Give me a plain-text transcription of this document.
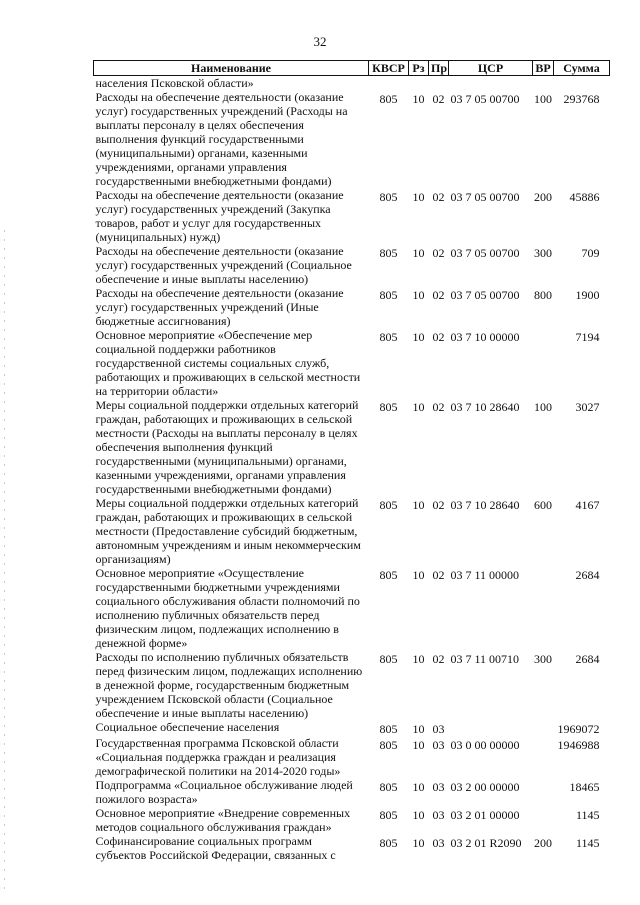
32
Наименование	КВСР	Рз	Пр	ЦСР	ВР	Сумма
населения Псковской области»						
Расходы на обеспечение деятельности (оказание услуг) государственных учреждений (Расходы на выплаты персоналу в целях обеспечения выполнения функций государственными (муниципальными) органами, казенными учреждениями, органами управления государственными внебюджетными фондами)	805	10	02	03 7 05 00700	100	293768
Расходы на обеспечение деятельности (оказание услуг) государственных учреждений (Закупка товаров, работ и услуг для государственных (муниципальных) нужд)	805	10	02	03 7 05 00700	200	45886
Расходы на обеспечение деятельности (оказание услуг) государственных учреждений (Социальное обеспечение и иные выплаты населению)	805	10	02	03 7 05 00700	300	709
Расходы на обеспечение деятельности (оказание услуг) государственных учреждений (Иные бюджетные ассигнования)	805	10	02	03 7 05 00700	800	1900
Основное мероприятие «Обеспечение мер социальной поддержки работников государственной системы социальных служб, работающих и проживающих в сельской местности на территории области»	805	10	02	03 7 10 00000		7194
Меры социальной поддержки отдельных категорий граждан, работающих и проживающих в сельской местности (Расходы на выплаты персоналу в целях обеспечения выполнения функций государственными (муниципальными) органами, казенными учреждениями, органами управления государственными внебюджетными фондами)	805	10	02	03 7 10 28640	100	3027
Меры социальной поддержки отдельных категорий граждан, работающих и проживающих в сельской местности (Предоставление субсидий бюджетным, автономным учреждениям и иным некоммерческим организациям)	805	10	02	03 7 10 28640	600	4167
Основное мероприятие «Осуществление государственными бюджетными учреждениями социального обслуживания области полномочий по исполнению публичных обязательств перед физическим лицом, подлежащих исполнению в денежной форме»	805	10	02	03 7 11 00000		2684
Расходы по исполнению публичных обязательств перед физическим лицом, подлежащих исполнению в денежной форме, государственным бюджетным учреждением Псковской области (Социальное обеспечение и иные выплаты населению)	805	10	02	03 7 11 00710	300	2684
Социальное обеспечение населения	805	10	03			1969072
Государственная программа Псковской области «Социальная поддержка граждан и реализация демографической политики на 2014-2020 годы»	805	10	03	03 0 00 00000		1946988
Подпрограмма «Социальное обслуживание людей пожилого возраста»	805	10	03	03 2 00 00000		18465
Основное мероприятие «Внедрение современных методов социального обслуживания граждан»	805	10	03	03 2 01 00000		1145
Софинансирование социальных программ субъектов Российской Федерации, связанных с	805	10	03	03 2 01 R2090	200	1145
